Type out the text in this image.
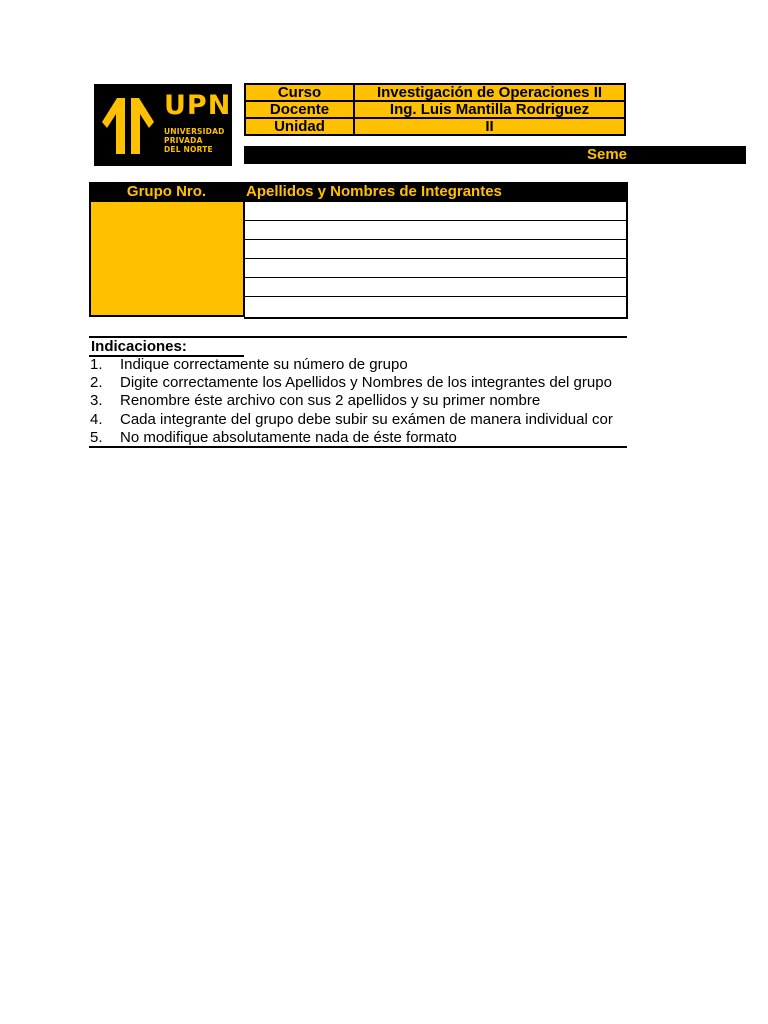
UPN
UNIVERSIDAD
PRIVADA
DEL NORTE
Curso	Investigación de Operaciones II
Docente	Ing. Luis Mantilla Rodriguez
Unidad	II
Seme
Grupo Nro.	Apellidos y Nombres de Integrantes
Indicaciones:
1. Indique correctamente su número de grupo
2. Digite correctamente los Apellidos y Nombres de los integrantes del grupo
3. Renombre éste archivo con sus 2 apellidos y su primer nombre
4. Cada integrante del grupo debe subir su exámen de manera individual cor
5. No modifique absolutamente nada de éste formato
